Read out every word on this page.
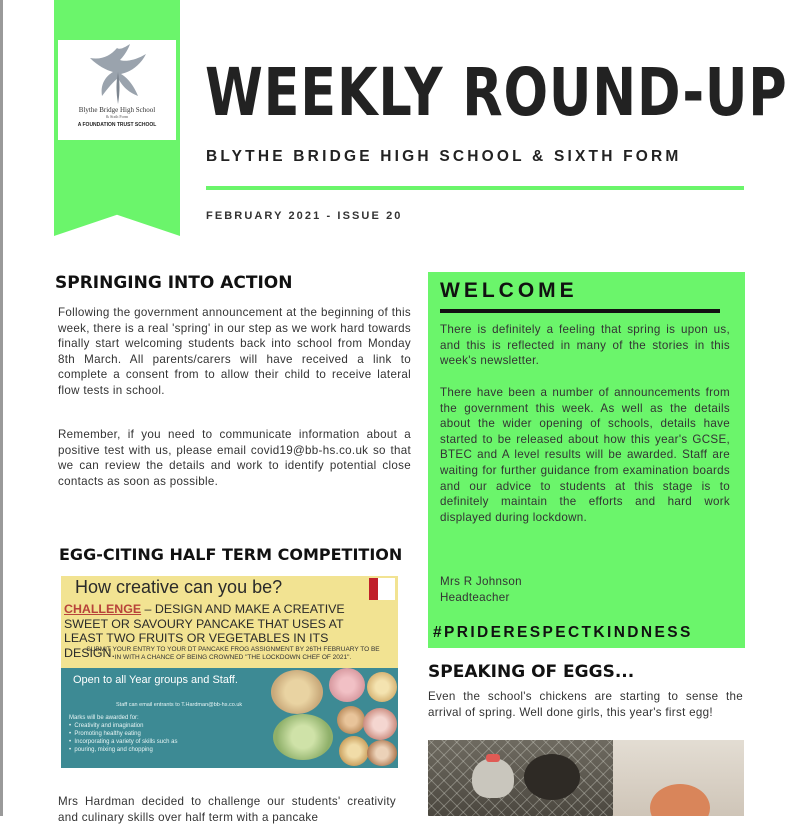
Blythe Bridge High School
& Sixth Form
A FOUNDATION TRUST SCHOOL WEEKLY ROUND-UP
BLYTHE BRIDGE HIGH SCHOOL & SIXTH FORM
FEBRUARY 2021 - ISSUE 20
SPRINGING INTO ACTION
Following the government announcement at the beginning of this week, there is a real 'spring' in our step as we work hard towards finally start welcoming students back into school from Monday 8th March. All parents/carers will have received a link to complete a consent from to allow their child to receive lateral flow tests in school.
Remember, if you need to communicate information about a positive test with us, please email covid19@bb-hs.co.uk so that we can review the details and work to identify potential close contacts as soon as possible.
EGG-CITING HALF TERM COMPETITION
How creative can you be?
CHALLENGE – DESIGN AND MAKE A CREATIVE SWEET OR SAVOURY PANCAKE THAT USES AT LEAST TWO FRUITS OR VEGETABLES IN ITS DESIGN.
SUBMIT YOUR ENTRY TO YOUR DT PANCAKE FROG ASSIGNMENT BY 26TH FEBRUARY TO BE IN WITH A CHANCE OF BEING CROWNED "THE LOCKDOWN CHEF OF 2021".
Open to all Year groups and Staff.
Staff can email entrants to T.Hardman@bb-hs.co.uk
Marks will be awarded for:
•  Creativity and imagination
•  Promoting healthy eating
•  Incorporating a variety of skills such as
•  pouring, mixing and chopping
Mrs Hardman decided to challenge our students' creativity and culinary skills over half term with a pancake
WELCOME
There is definitely a feeling that spring is upon us, and this is reflected in many of the stories in this week's newsletter.
There have been a number of announcements from the government this week. As well as the details about the wider opening of schools, details have started to be released about how this year's GCSE, BTEC and A level results will be awarded. Staff are waiting for further guidance from examination boards and our advice to students at this stage is to definitely maintain the efforts and hard work displayed during lockdown.
Mrs R Johnson
Headteacher
#PRIDERESPECTKINDNESS
SPEAKING OF EGGS...
Even the school's chickens are starting to sense the arrival of spring. Well done girls, this year's first egg!
